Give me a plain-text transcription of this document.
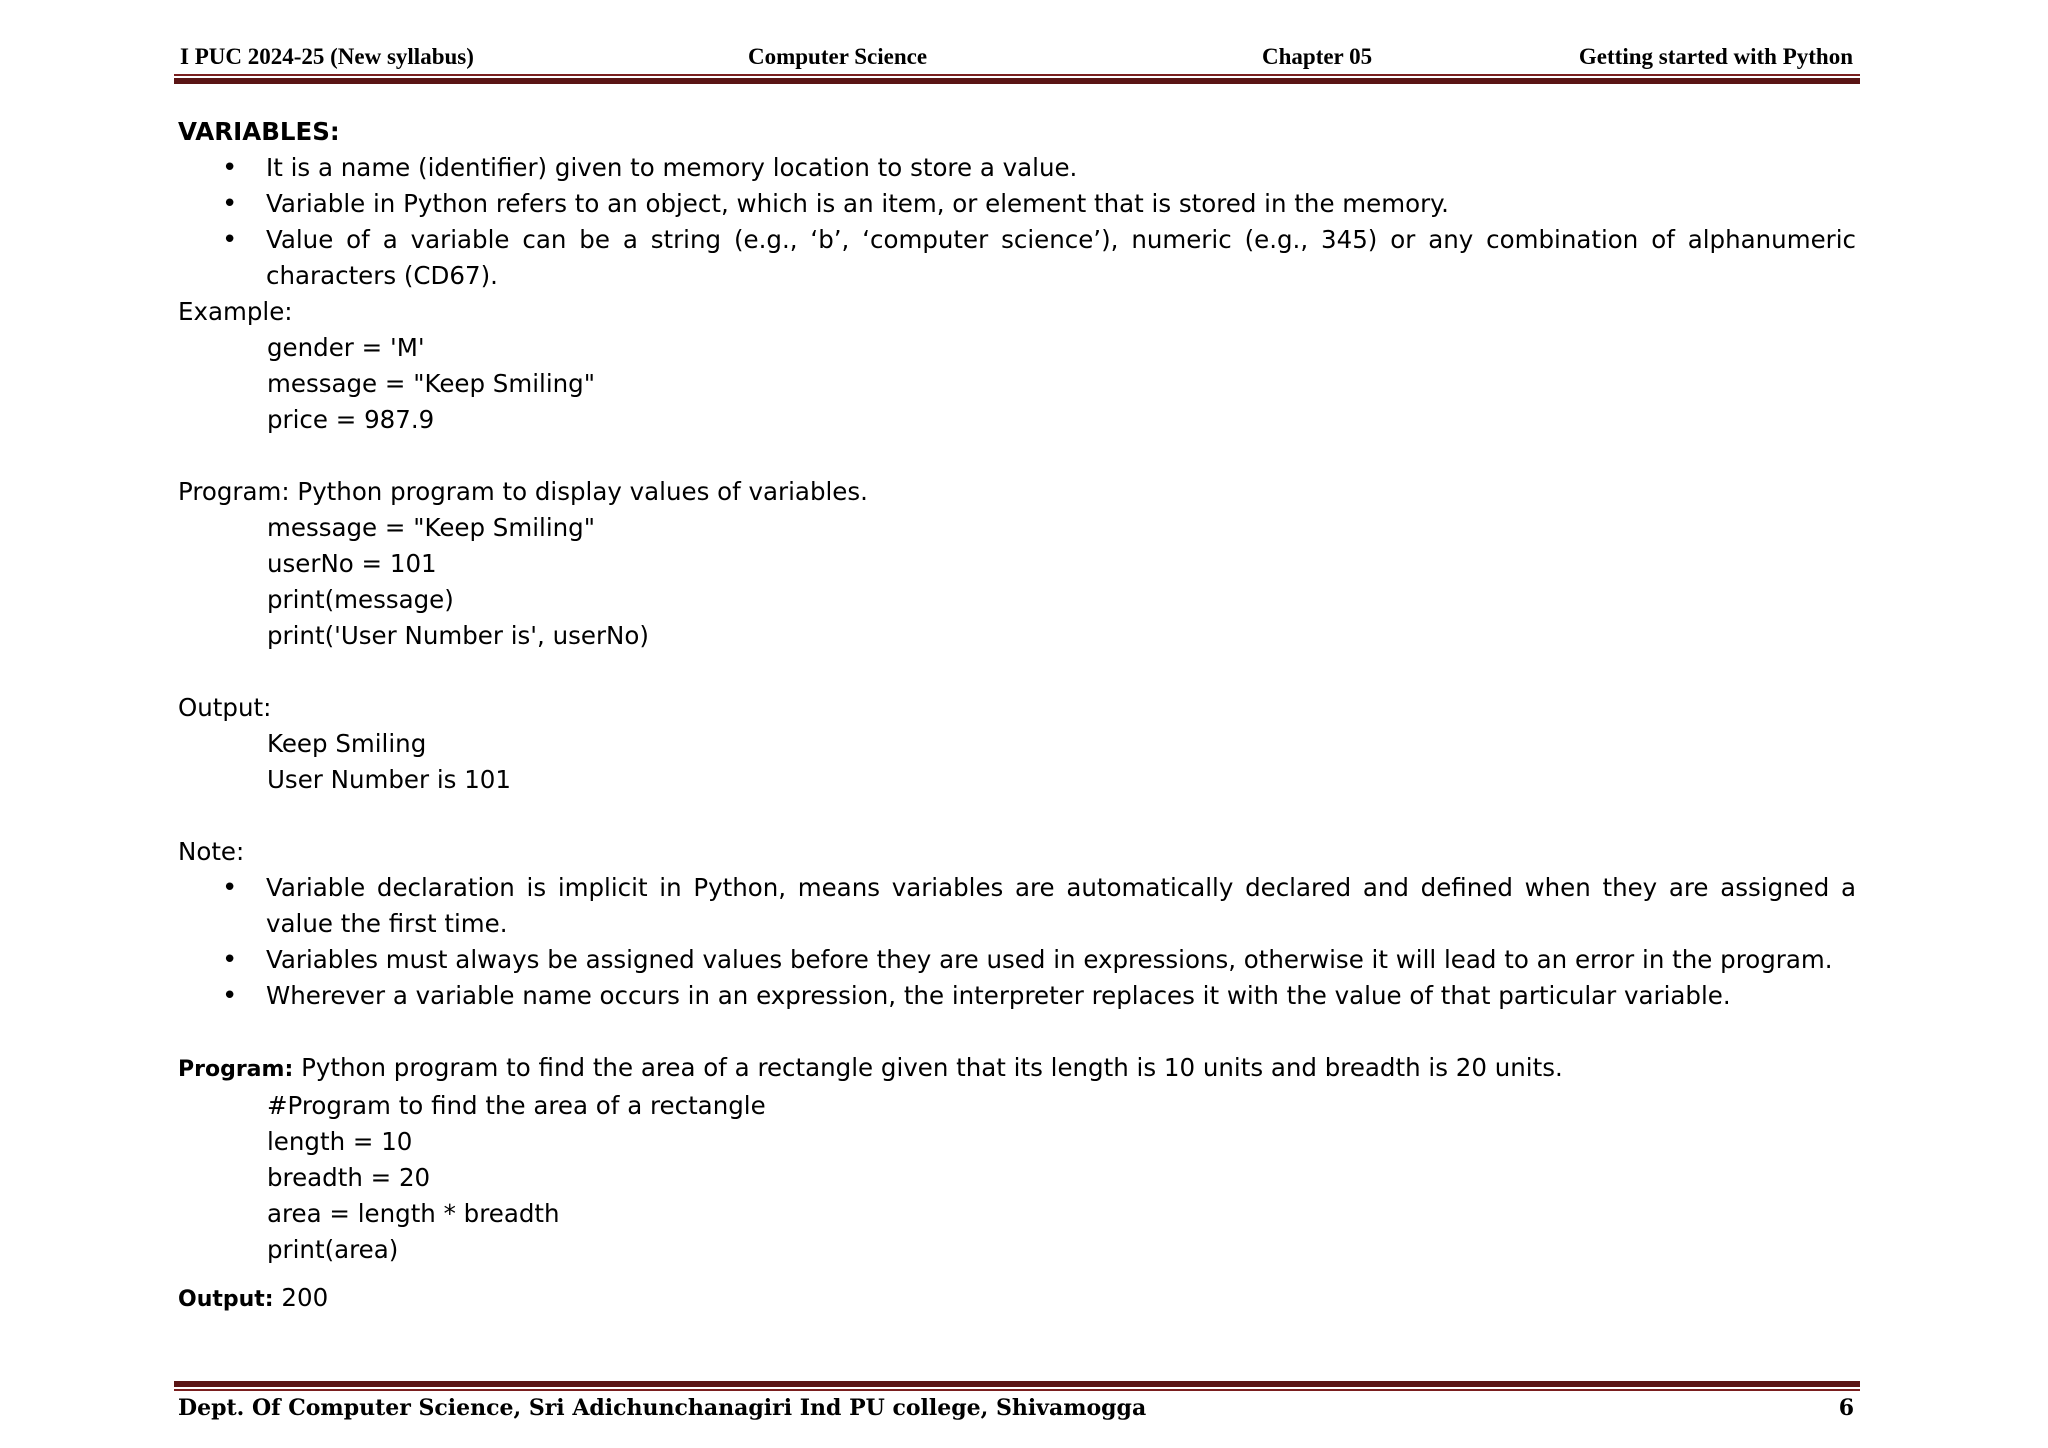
I PUC 2024-25 (New syllabus)	Computer Science	Chapter 05	Getting started with Python
VARIABLES:
• It is a name (identifier) given to memory location to store a value.
• Variable in Python refers to an object, which is an item, or element that is stored in the memory.
• Value of a variable can be a string (e.g., ‘b’, ‘computer science’), numeric (e.g., 345) or any combination of alphanumeric characters (CD67).
Example:
gender = 'M'
message = "Keep Smiling"
price = 987.9
Program: Python program to display values of variables.
message = "Keep Smiling"
userNo = 101
print(message)
print('User Number is', userNo)
Output:
Keep Smiling
User Number is 101
Note:
• Variable declaration is implicit in Python, means variables are automatically declared and defined when they are assigned a value the first time.
• Variables must always be assigned values before they are used in expressions, otherwise it will lead to an error in the program.
• Wherever a variable name occurs in an expression, the interpreter replaces it with the value of that particular variable.
Program: Python program to find the area of a rectangle given that its length is 10 units and breadth is 20 units.
#Program to find the area of a rectangle
length = 10
breadth = 20
area = length * breadth
print(area)
Output: 200
Dept. Of Computer Science, Sri Adichunchanagiri Ind PU college, Shivamogga	6
